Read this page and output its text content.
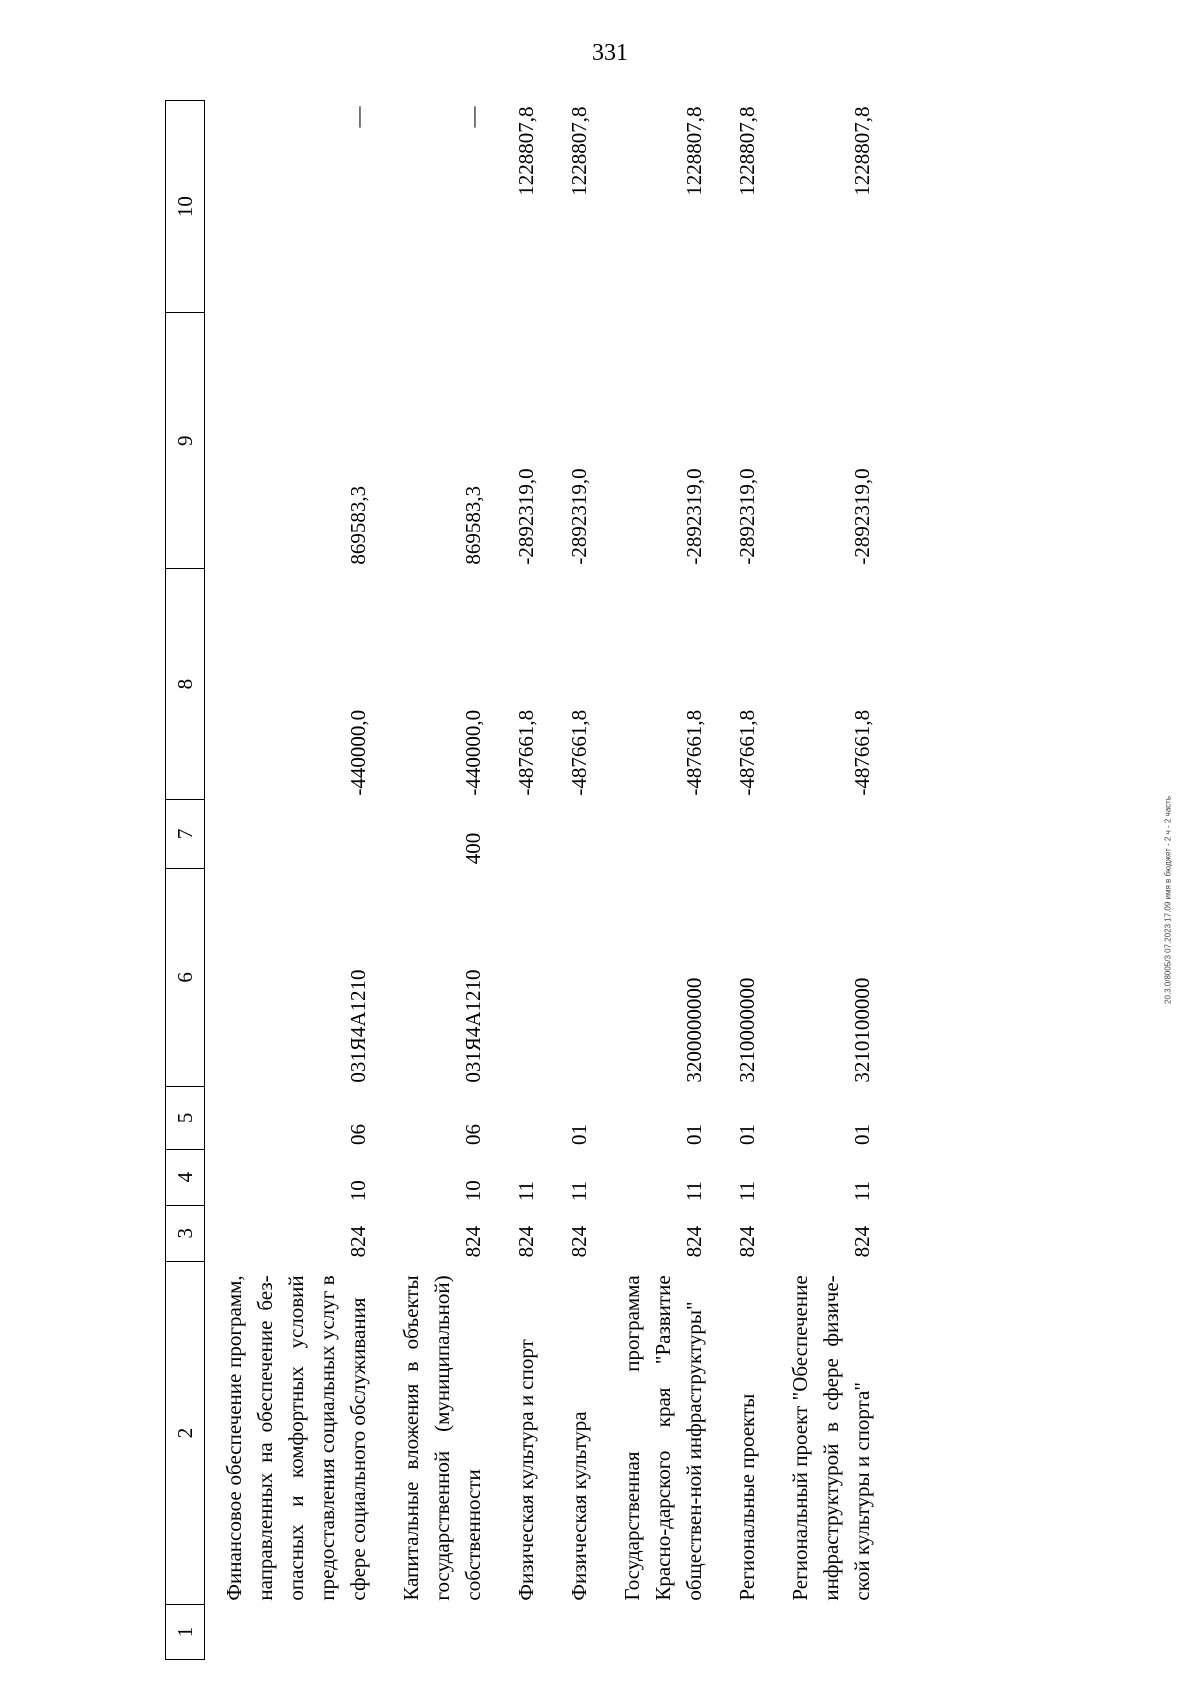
331
20.3.0/8005/3 07.2023 17.09 имя в бюджет - 2 ч - 2 часть
1	2	3	4	5	6	7	8	9	10
	Финансовое обеспечение программ, направленных на обеспечение без-опасных и комфортных условий предоставления социальных услуг в сфере социального обслуживания	824	10	06	031Я4А1210		-440000,0	869583,3	—
	Капитальные вложения в объекты государственной (муниципальной) собственности	824	10	06	031Я4А1210	400	-440000,0	869583,3	—
	Физическая культура и спорт	824	11				-487661,8	-2892319,0	1228807,8
	Физическая культура	824	11	01			-487661,8	-2892319,0	1228807,8
	Государственная программа Красно-дарского края "Развитие обществен-ной инфраструктуры"	824	11	01	3200000000		-487661,8	-2892319,0	1228807,8
	Региональные проекты	824	11	01	3210000000		-487661,8	-2892319,0	1228807,8
	Региональный проект "Обеспечение инфраструктурой в сфере физиче-ской культуры и спорта"	824	11	01	3210100000		-487661,8	-2892319,0	1228807,8
